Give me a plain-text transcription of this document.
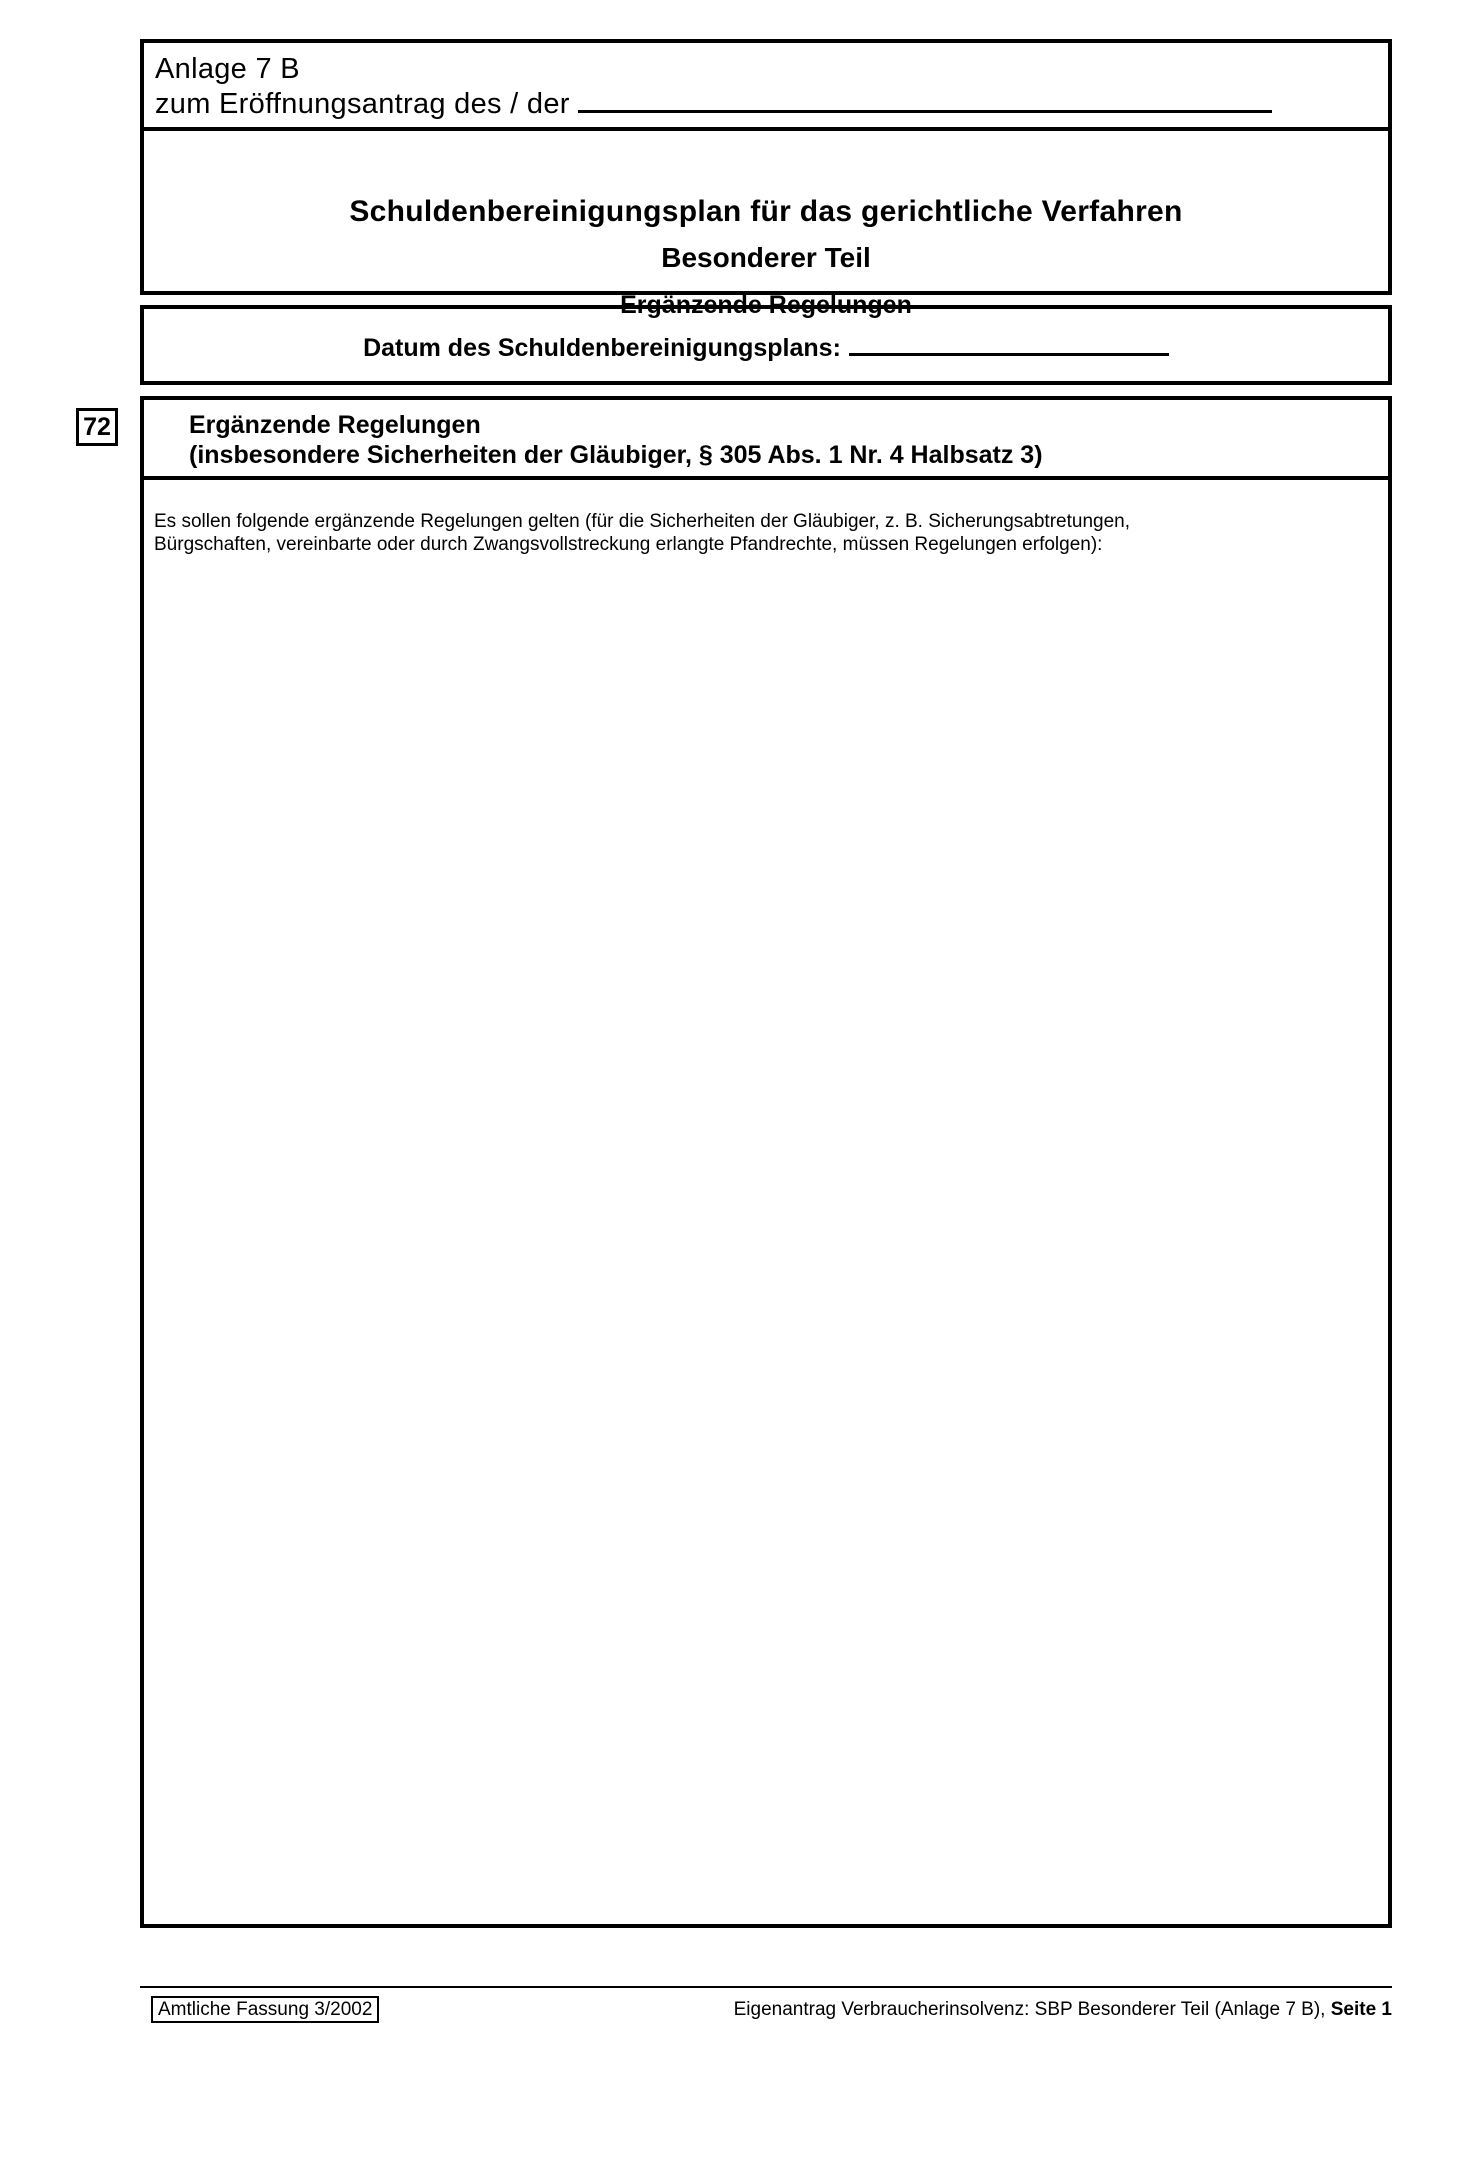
Anlage 7 B
zum Eröffnungsantrag des / der
Schuldenbereinigungsplan für das gerichtliche Verfahren
Besonderer Teil
- Ergänzende Regelungen -
Datum des Schuldenbereinigungsplans:
72	Ergänzende Regelungen
(insbesondere Sicherheiten der Gläubiger, § 305 Abs. 1 Nr. 4 Halbsatz 3)
Es sollen folgende ergänzende Regelungen gelten (für die Sicherheiten der Gläubiger, z. B. Sicherungsabtretungen,
Bürgschaften, vereinbarte oder durch Zwangsvollstreckung erlangte Pfandrechte, müssen Regelungen erfolgen):
Amtliche Fassung 3/2002	Eigenantrag Verbraucherinsolvenz: SBP Besonderer Teil (Anlage 7 B), Seite 1
